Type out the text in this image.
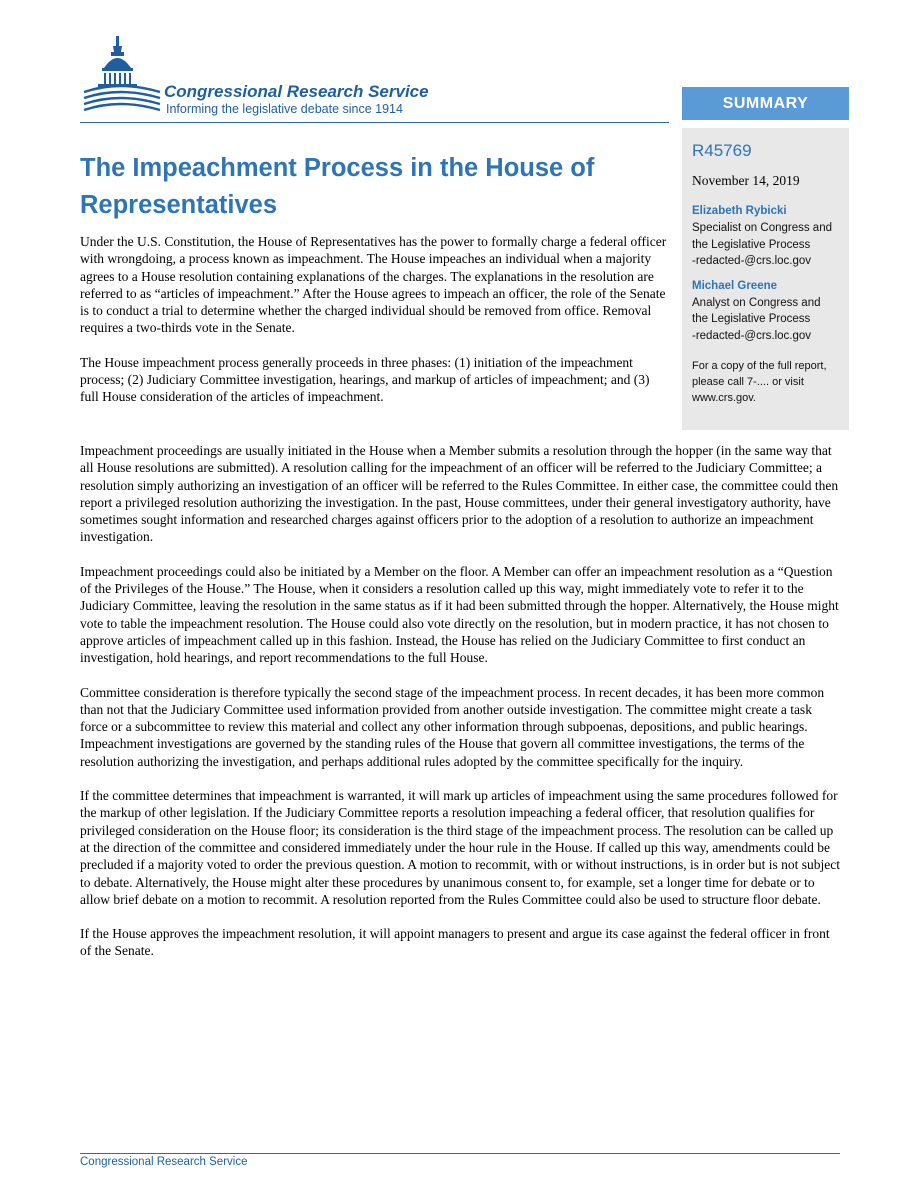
Congressional Research Service
Informing the legislative debate since 1914	SUMMARY
R45769
November 14, 2019
Elizabeth Rybicki
Specialist on Congress and
the Legislative Process
-redacted-@crs.loc.gov
Michael Greene
Analyst on Congress and
the Legislative Process
-redacted-@crs.loc.gov
For a copy of the full report,
please call 7-.... or visit
www.crs.gov.
The Impeachment Process in the House of Representatives

Under the U.S. Constitution, the House of Representatives has the power to formally charge a federal officer with wrongdoing, a process known as impeachment. The House impeaches an individual when a majority agrees to a House resolution containing explanations of the charges. The explanations in the resolution are referred to as “articles of impeachment.” After the House agrees to impeach an officer, the role of the Senate is to conduct a trial to determine whether the charged individual should be removed from office. Removal requires a two-thirds vote in the Senate.

The House impeachment process generally proceeds in three phases: (1) initiation of the impeachment process; (2) Judiciary Committee investigation, hearings, and markup of articles of impeachment; and (3) full House consideration of the articles of impeachment.

Impeachment proceedings are usually initiated in the House when a Member submits a resolution through the hopper (in the same way that all House resolutions are submitted). A resolution calling for the impeachment of an officer will be referred to the Judiciary Committee; a resolution simply authorizing an investigation of an officer will be referred to the Rules Committee. In either case, the committee could then report a privileged resolution authorizing the investigation. In the past, House committees, under their general investigatory authority, have sometimes sought information and researched charges against officers prior to the adoption of a resolution to authorize an impeachment investigation.

Impeachment proceedings could also be initiated by a Member on the floor. A Member can offer an impeachment resolution as a “Question of the Privileges of the House.” The House, when it considers a resolution called up this way, might immediately vote to refer it to the Judiciary Committee, leaving the resolution in the same status as if it had been submitted through the hopper. Alternatively, the House might vote to table the impeachment resolution. The House could also vote directly on the resolution, but in modern practice, it has not chosen to approve articles of impeachment called up in this fashion. Instead, the House has relied on the Judiciary Committee to first conduct an investigation, hold hearings, and report recommendations to the full House.

Committee consideration is therefore typically the second stage of the impeachment process. In recent decades, it has been more common than not that the Judiciary Committee used information provided from another outside investigation. The committee might create a task force or a subcommittee to review this material and collect any other information through subpoenas, depositions, and public hearings. Impeachment investigations are governed by the standing rules of the House that govern all committee investigations, the terms of the resolution authorizing the investigation, and perhaps additional rules adopted by the committee specifically for the inquiry.

If the committee determines that impeachment is warranted, it will mark up articles of impeachment using the same procedures followed for the markup of other legislation. If the Judiciary Committee reports a resolution impeaching a federal officer, that resolution qualifies for privileged consideration on the House floor; its consideration is the third stage of the impeachment process. The resolution can be called up at the direction of the committee and considered immediately under the hour rule in the House. If called up this way, amendments could be precluded if a majority voted to order the previous question. A motion to recommit, with or without instructions, is in order but is not subject to debate. Alternatively, the House might alter these procedures by unanimous consent to, for example, set a longer time for debate or to allow brief debate on a motion to recommit. A resolution reported from the Rules Committee could also be used to structure floor debate.

If the House approves the impeachment resolution, it will appoint managers to present and argue its case against the federal officer in front of the Senate.

Congressional Research Service
